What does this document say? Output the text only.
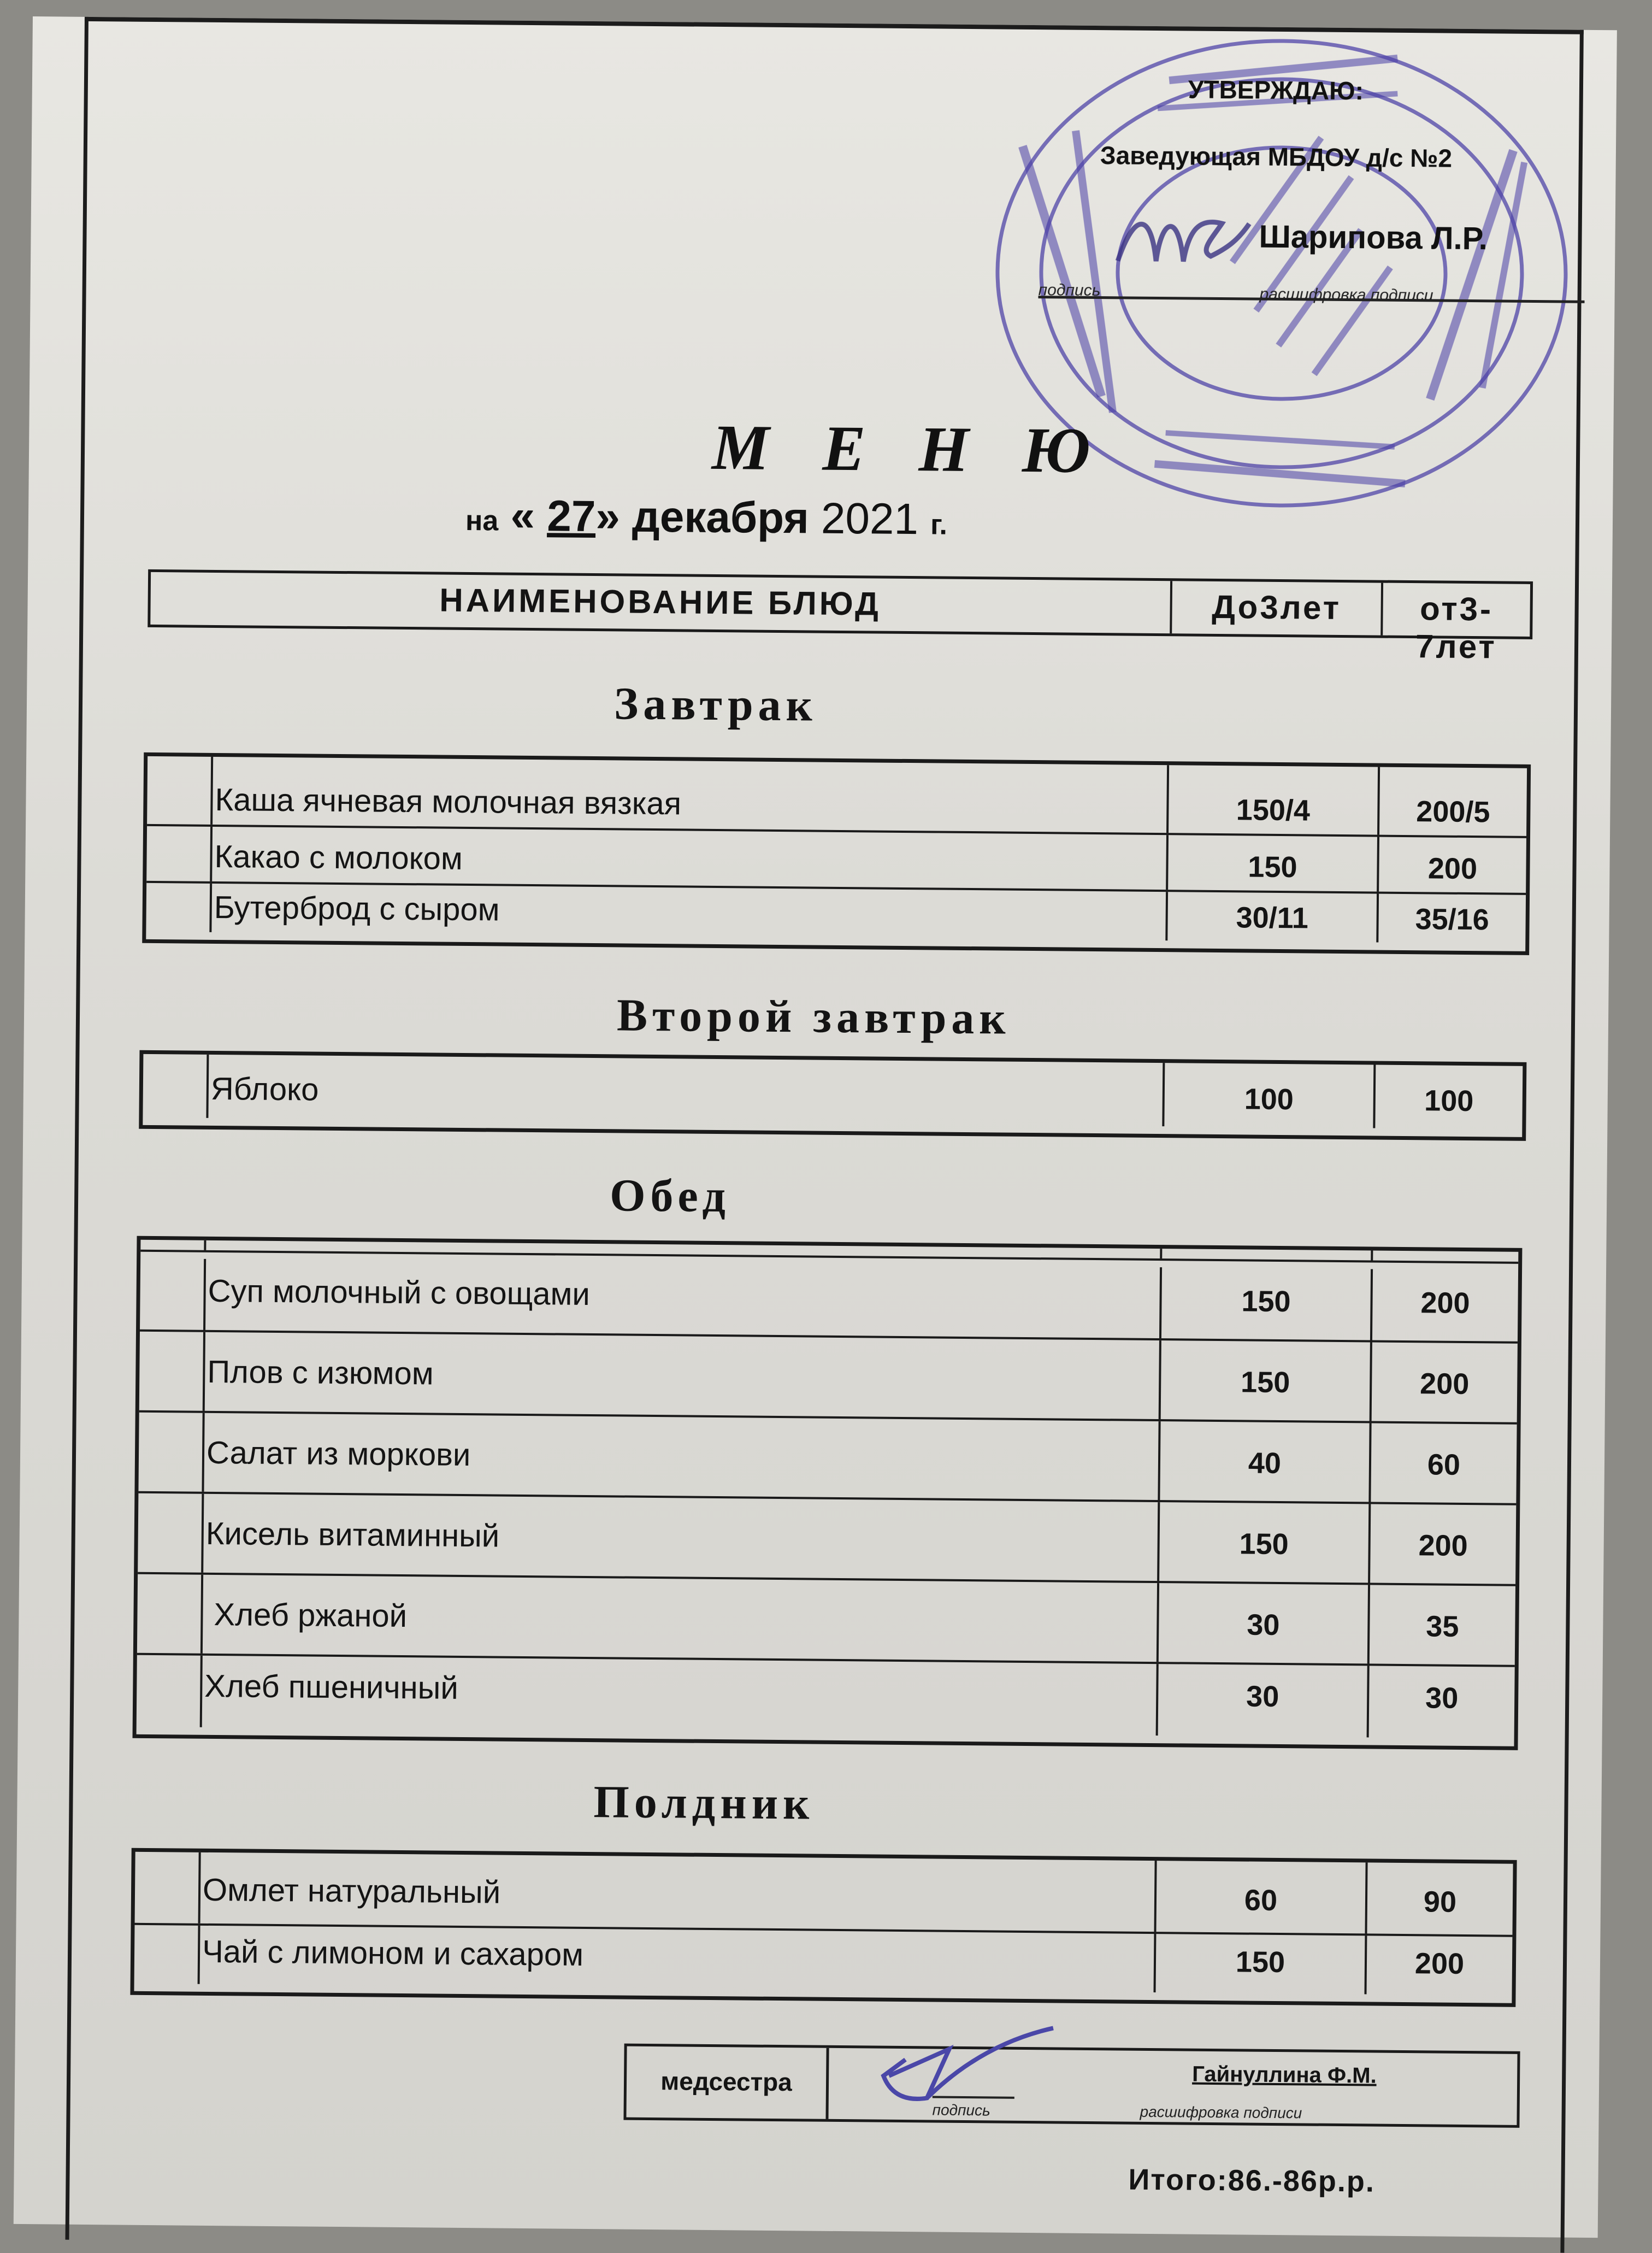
УТВЕРЖДАЮ:
Заведующая МБДОУ д/с №2
Шарипова Л.Р.
подпись	расшифровка подписи
М Е Н Ю
на « 27» декабря 2021 г.
НАИМЕНОВАНИЕ БЛЮД	До3лет	от3-7лет
Завтрак
Каша ячневая молочная вязкая	150/4	200/5
Какао с молоком	150	200
Бутерброд с сыром	30/11	35/16
Второй завтрак
Яблоко	100	100
Обед
Суп молочный с овощами	150	200
Плов с изюмом	150	200
Салат из моркови	40	60
Кисель витаминный	150	200
Хлеб ржаной	30	35
Хлеб пшеничный	30	30
Полдник
Омлет натуральный	60	90
Чай с лимоном и сахаром	150	200
медсестра	Гайнуллина Ф.М.
подпись	расшифровка подписи
Итого:86.-86р.р.
